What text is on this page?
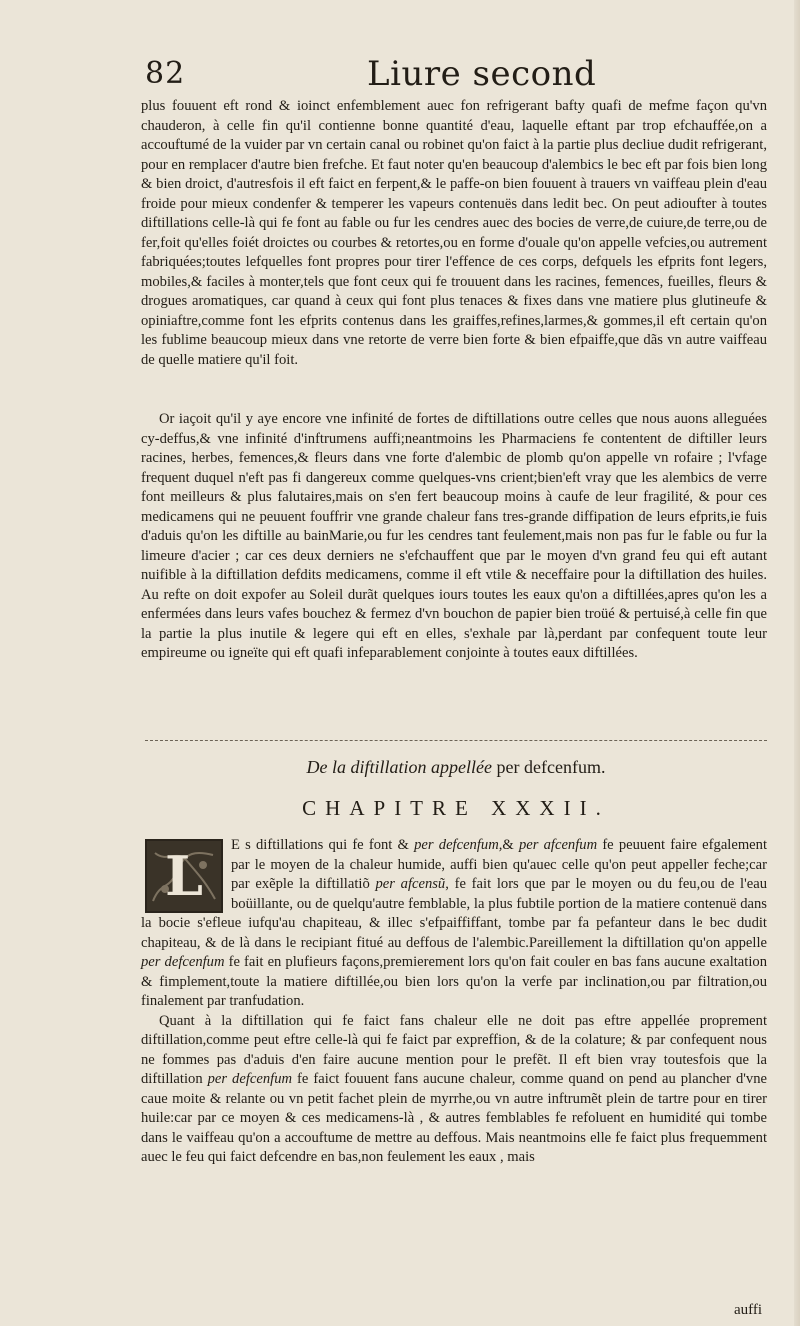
82	Liure second

plus fouuent eft rond & ioinct enfemblement auec fon refrigerant bafty quafi de mefme façon qu'vn chauderon, à celle fin qu'il contienne bonne quantité d'eau, laquelle eftant par trop efchauffée,on a accouftumé de la vuider par vn certain canal ou robinet qu'on faict à la partie plus decliue dudit refrigerant, pour en remplacer d'autre bien frefche. Et faut noter qu'en beaucoup d'alembics le bec eft par fois bien long & bien droict, d'autresfois il eft faict en ferpent,& le paffe-on bien fouuent à trauers vn vaiffeau plein d'eau froide pour mieux condenfer & temperer les vapeurs contenuës dans ledit bec. On peut adioufter à toutes diftillations celle-là qui fe font au fable ou fur les cendres auec des bocies de verre,de cuiure,de terre,ou de fer,foit qu'elles foiét droictes ou courbes & retortes,ou en forme d'ouale qu'on appelle vefcies,ou autrement fabriquées;toutes lefquelles font propres pour tirer l'effence de ces corps, defquels les efprits font legers, mobiles,& faciles à monter,tels que font ceux qui fe trouuent dans les racines, femences, fueilles, fleurs & drogues aromatiques, car quand à ceux qui font plus tenaces & fixes dans vne matiere plus glutineufe & opiniaftre,comme font les efprits contenus dans les graiffes,refines,larmes,& gommes,il eft certain qu'on les fublime beaucoup mieux dans vne retorte de verre bien forte & bien efpaiffe,que dãs vn autre vaiffeau de quelle matiere qu'il foit.

Or iaçoit qu'il y aye encore vne infinité de fortes de diftillations outre celles que nous auons alleguées cy-deffus,& vne infinité d'inftrumens auffi;neantmoins les Pharmaciens fe contentent de diftiller leurs racines, herbes, femences,& fleurs dans vne forte d'alembic de plomb qu'on appelle vn rofaire ; l'vfage frequent duquel n'eft pas fi dangereux comme quelques-vns crient;bien'eft vray que les alembics de verre font meilleurs & plus falutaires,mais on s'en fert beaucoup moins à caufe de leur fragilité, & pour ces medicamens qui ne peuuent fouffrir vne grande chaleur fans tres-grande diffipation de leurs efprits,ie fuis d'aduis qu'on les diftille au bainMarie,ou fur les cendres tant feulement,mais non pas fur le fable ou fur la limeure d'acier ; car ces deux derniers ne s'efchauffent que par le moyen d'vn grand feu qui eft autant nuifible à la diftillation defdits medicamens, comme il eft vtile & neceffaire pour la diftillation des huiles. Au refte on doit expofer au Soleil durãt quelques iours toutes les eaux qu'on a diftillées,apres qu'on les a enfermées dans leurs vafes bouchez & fermez d'vn bouchon de papier bien troüé & pertuisé,à celle fin que la partie la plus inutile & legere qui eft en elles, s'exhale par là,perdant par confequent toute leur empireume ou igneïte qui eft quafi infeparablement conjointe à toutes eaux diftillées.

De la diftillation appellée per defcenfum.
CHAPITRE XXXII.
L	E s diftillations qui fe font & per defcenfum,& per afcenfum fe peuuent faire efgalement par le moyen de la chaleur humide, auffi bien qu'auec celle qu'on peut appeller feche;car par exẽple la diftillatiõ per afcensũ, fe fait lors que par le moyen ou du feu,ou de l'eau boüillante, ou de quelqu'autre femblable, la plus fubtile portion de la matiere contenuë dans la bocie s'efleue iufqu'au chapiteau, & illec s'efpaiffiffant, tombe par fa pefanteur dans le bec dudit chapiteau, & de là dans le recipiant fitué au deffous de l'alembic.Pareillement la diftillation qu'on appelle per defcenfum fe fait en plufieurs façons,premierement lors qu'on fait couler en bas fans aucune exaltation & fimplement,toute la matiere diftillée,ou bien lors qu'on la verfe par inclination,ou par filtration,ou finalement par tranfudation.

Quant à la diftillation qui fe faict fans chaleur elle ne doit pas eftre appellée proprement diftillation,comme peut eftre celle-là qui fe faict par expreffion, & de la colature; & par confequent nous ne fommes pas d'aduis d'en faire aucune mention pour le prefẽt. Il eft bien vray toutesfois que la diftillation per defcenfum fe faict fouuent fans aucune chaleur, comme quand on pend au plancher d'vne caue moite & relante ou vn petit fachet plein de myrrhe,ou vn autre inftrumẽt plein de tartre pour en tirer huile:car par ce moyen & ces medicamens-là , & autres femblables fe refoluent en humidité qui tombe dans le vaiffeau qu'on a accouftume de mettre au deffous. Mais neantmoins elle fe faict plus frequemment auec le feu qui faict defcendre en bas,non feulement les eaux , mais

auffi
